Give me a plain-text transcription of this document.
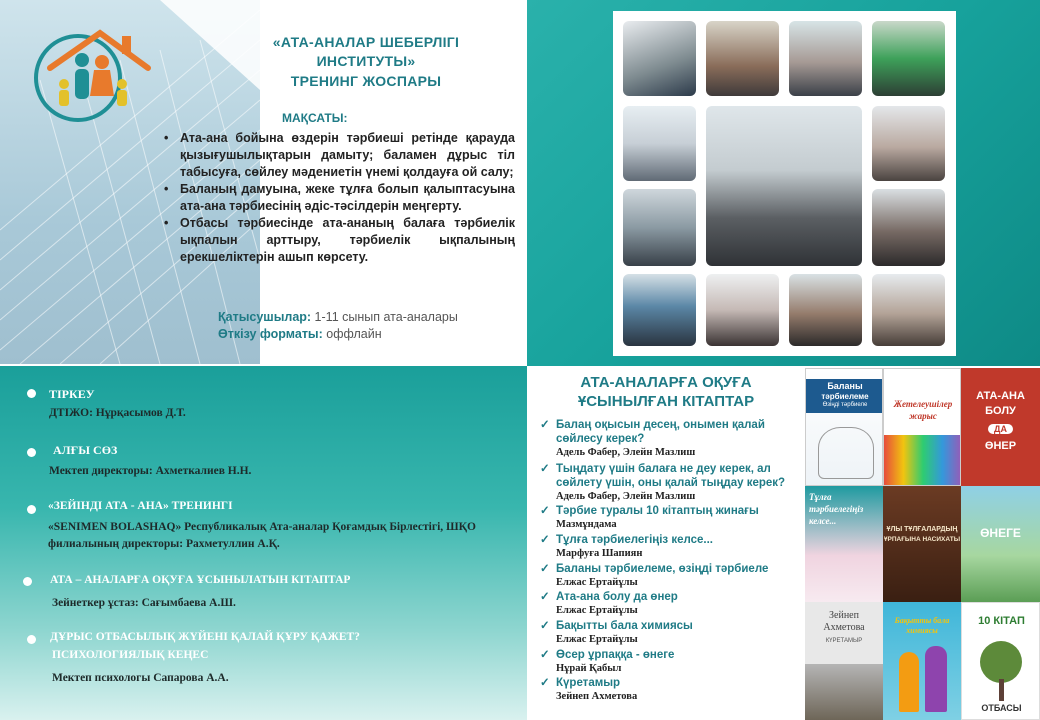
«АТА-АНАЛАР ШЕБЕРЛІГІ
ИНСТИТУТЫ»
ТРЕНИНГ ЖОСПАРЫ
МАҚСАТЫ:
• Ата-ана бойына өздерін тәрбиеші ретінде қарауда қызығушылықтарын дамыту; баламен дұрыс тіл табысуға, сөйлеу мәдениетін үнемі қолдауға ой салу;
• Баланың дамуына, жеке тұлға болып қалыптасуына ата-ана тәрбиесінің әдіс-тәсілдерін меңгерту.
• Отбасы тәрбиесінде ата-ананың балаға тәрбиелік ықпалын арттыру, тәрбиелік ықпалының ерекшеліктерін ашып көрсету.
Қатысушылар: 1-11 сынып ата-аналары
Өткізу форматы: оффлайн
ТІРКЕУ
ДТІЖО: Нұрқасымов Д.Т.
АЛҒЫ СӨЗ
Мектеп директоры: Ахметкалиев Н.Н.
«ЗЕЙІНДІ АТА - АНА» ТРЕНИНГІ
«SENIMEN BOLASHAQ» Республикалық Ата-аналар Қоғамдық Бірлестігі, ШҚО филиалының директоры: Рахметуллин А.Қ.
АТА – АНАЛАРҒА ОҚУҒА ҰСЫНЫЛАТЫН КІТАПТАР
Зейнеткер ұстаз: Сағымбаева А.Ш.
ДҰРЫС ОТБАСЫЛЫҚ ЖҮЙЕНІ ҚАЛАЙ ҚҰРУ ҚАЖЕТ?
ПСИХОЛОГИЯЛЫҚ КЕҢЕС
Мектеп психологы Сапарова А.А.
АТА-АНАЛАРҒА ОҚУҒА
ҰСЫНЫЛҒАН КІТАПТАР
✓ Балаң оқысын десең, онымен қалай сөйлесу керек?
Адель Фабер, Элейн Мазлиш
✓ Тыңдату үшін балаға не деу керек, ал сөйлету үшін, оны қалай тыңдау керек?
Адель Фабер, Элейн Мазлиш
✓ Тәрбие туралы 10 кітаптың жинағы
Мазмұндама
✓ Тұлға тәрбиелегіңіз келсе...
Марфуға Шапиян
✓ Баланы тәрбиелеме, өзіңді тәрбиеле
Елжас Ертайұлы
✓ Ата-ана болу да өнер
Елжас Ертайұлы
✓ Бақытты бала химиясы
Елжас Ертайұлы
✓ Өсер ұрпаққа - өнеге
Нұрай Қабыл
✓ Күретамыр
Зейнеп Ахметова
Баланы
тәрбиелеме
Өзіңді тәрбиеле	Жетелеушілер
жарыс
АТА-АНА
БОЛУ
ДА
ӨНЕР
Тұлға
тәрбиелегіңіз
келсе...
ҰЛЫ ТҰЛҒАЛАРДЫҢ
ҰРПАҒЫНА НАСИХАТЫ	ӨНЕГЕ
Зейнеп
Ахметова
КҮРЕТАМЫР
Бақытты бала
химиясы
10 КІТАП
ОТБАСЫ
